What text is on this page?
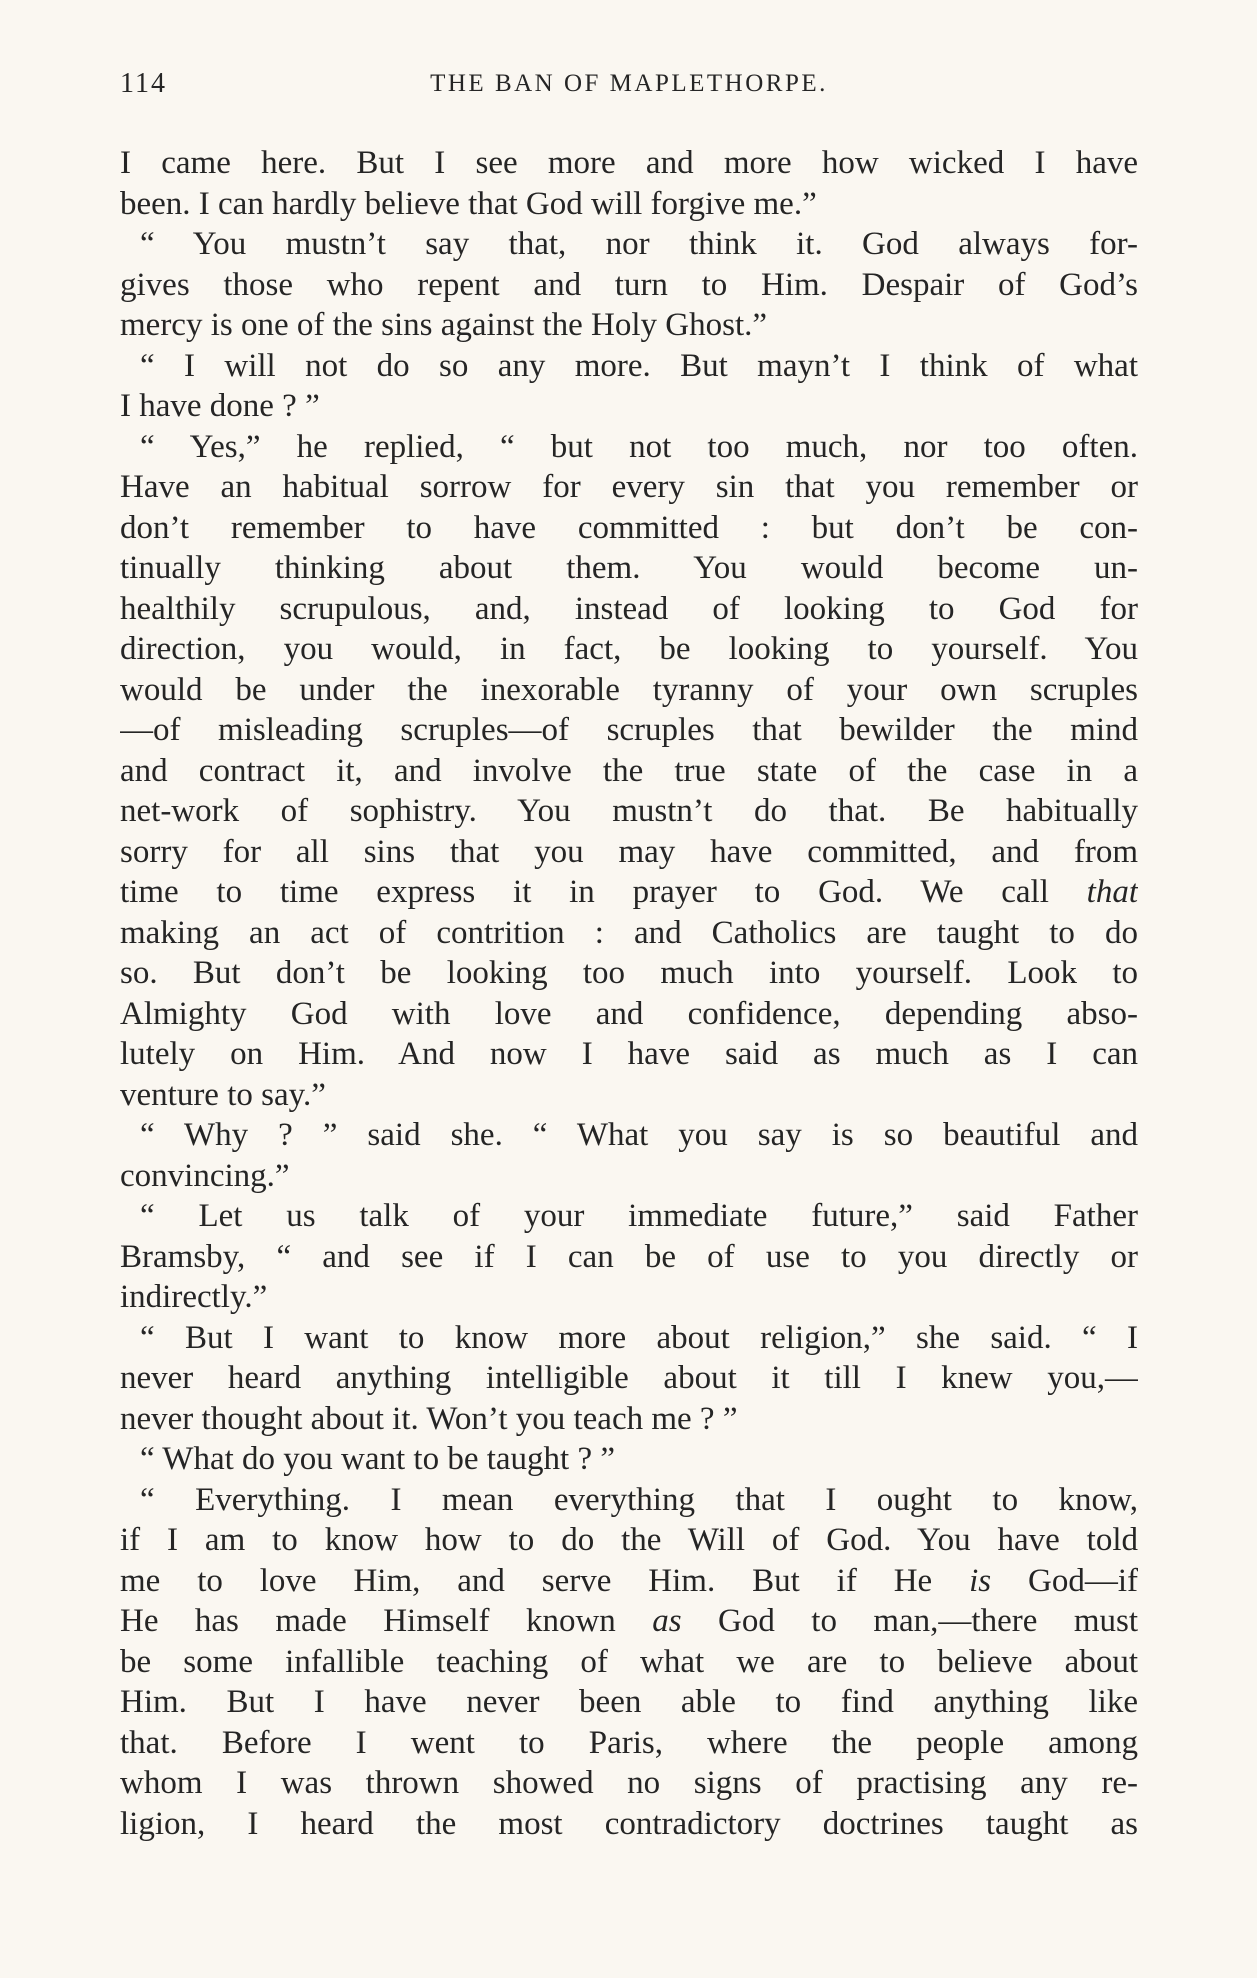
114	THE BAN OF MAPLETHORPE.
I came here. But I see more and more how wicked I have
been. I can hardly believe that God will forgive me.”
“ You mustn’t say that, nor think it. God always for-
gives those who repent and turn to Him. Despair of God’s
mercy is one of the sins against the Holy Ghost.”
“ I will not do so any more. But mayn’t I think of what
I have done ? ”
“ Yes,” he replied, “ but not too much, nor too often.
Have an habitual sorrow for every sin that you remember or
don’t remember to have committed : but don’t be con-
tinually thinking about them. You would become un-
healthily scrupulous, and, instead of looking to God for
direction, you would, in fact, be looking to yourself. You
would be under the inexorable tyranny of your own scruples
—of misleading scruples—of scruples that bewilder the mind
and contract it, and involve the true state of the case in a
net-work of sophistry. You mustn’t do that. Be habitually
sorry for all sins that you may have committed, and from
time to time express it in prayer to God. We call that
making an act of contrition : and Catholics are taught to do
so. But don’t be looking too much into yourself. Look to
Almighty God with love and confidence, depending abso-
lutely on Him. And now I have said as much as I can
venture to say.”
“ Why ? ” said she. “ What you say is so beautiful and
convincing.”
“ Let us talk of your immediate future,” said Father
Bramsby, “ and see if I can be of use to you directly or
indirectly.”
“ But I want to know more about religion,” she said. “ I
never heard anything intelligible about it till I knew you,—
never thought about it. Won’t you teach me ? ”
“ What do you want to be taught ? ”
“ Everything. I mean everything that I ought to know,
if I am to know how to do the Will of God. You have told
me to love Him, and serve Him. But if He is God—if
He has made Himself known as God to man,—there must
be some infallible teaching of what we are to believe about
Him. But I have never been able to find anything like
that. Before I went to Paris, where the people among
whom I was thrown showed no signs of practising any re-
ligion, I heard the most contradictory doctrines taught as
